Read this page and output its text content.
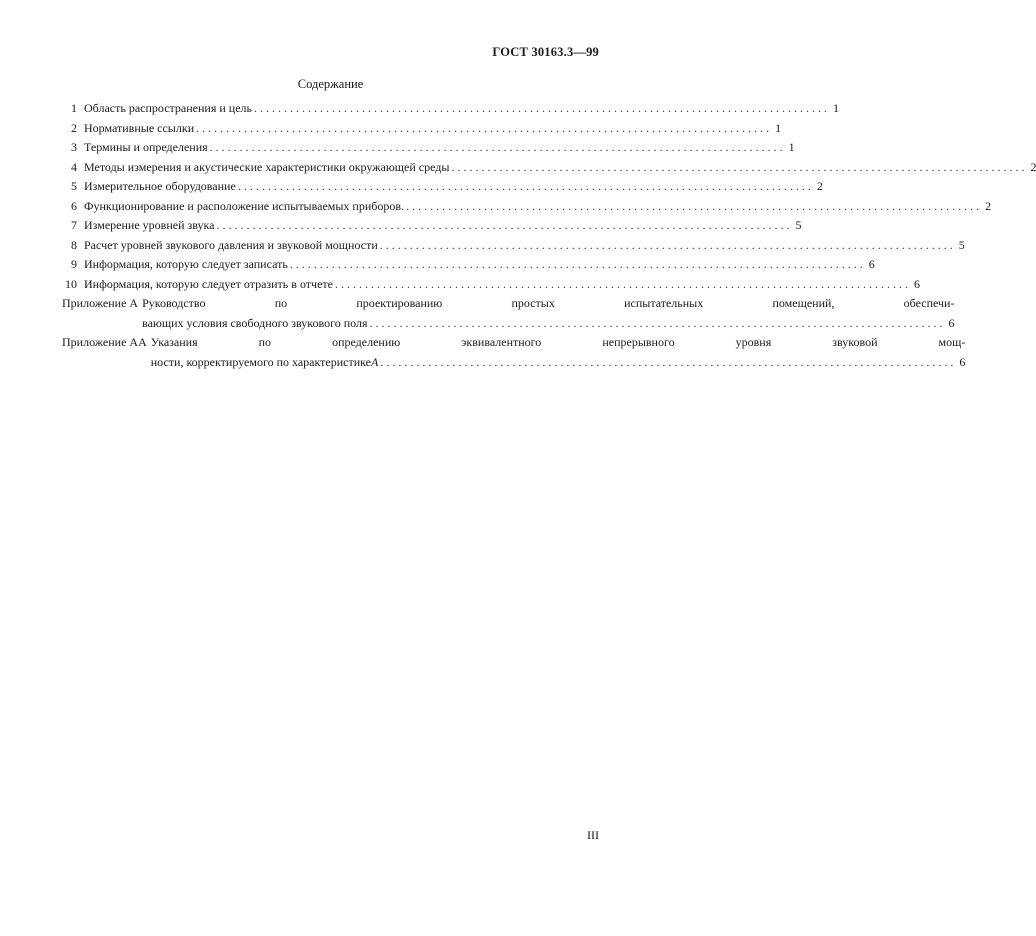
ГОСТ 30163.3—99
Содержание
1 Область распространения и цель . . .	1
2 Нормативные ссылки . . .	1
3 Термины и определения . . .	1
4 Методы измерения и акустические характеристики окружающей среды . . .	2
5 Измерительное оборудование . . .	2
6 Функционирование и расположение испытываемых приборов. . . .	2
7 Измерение уровней звука . . .	5
8 Расчет уровней звукового давления и звуковой мощности . . .	5
9 Информация, которую следует записать . . .	6
10 Информация, которую следует отразить в отчете . . .	6
Приложение А Руководство по проектированию простых испытательных помещений, обеспечи-
вающих условия свободного звукового поля . . .	6
Приложение АА Указания по определению эквивалентного непрерывного уровня звуковой мощ-
ности, корректируемого по характеристике А . . .	6
III
